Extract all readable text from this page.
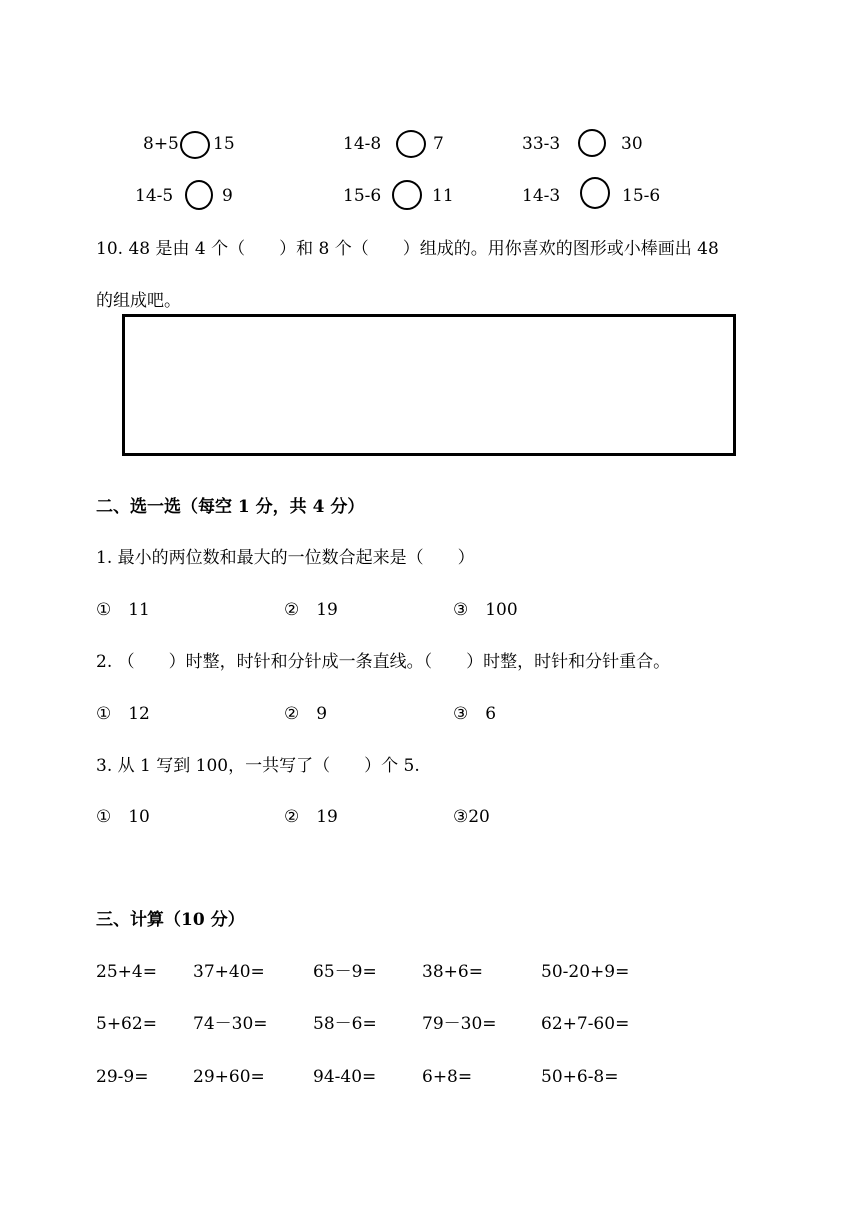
8+5 15	14-8	7	33-3	30
14-5	9	15-6	11	14-3	15-6
10. 48 是由 4 个（　　）和 8 个（　　）组成的。用你喜欢的图形或小棒画出 48
的组成吧。
二、选一选（每空 1 分，共 4 分）
1. 最小的两位数和最大的一位数合起来是（　　）
①　11	②　19	③　100
2. （　　）时整，时针和分针成一条直线。（　　）时整，时针和分针重合。
①　12	②　9	③　6
3. 从 1 写到 100，一共写了（　　）个 5.
①　10	②　19	③20
三、计算（10 分）
25+4= 37+40=	65－9=	38+6=	50-20+9=
5+62= 74－30=	58－6=	79－30=	62+7-60=
29-9=	29+60=	94-40=	6+8=	50+6-8=
